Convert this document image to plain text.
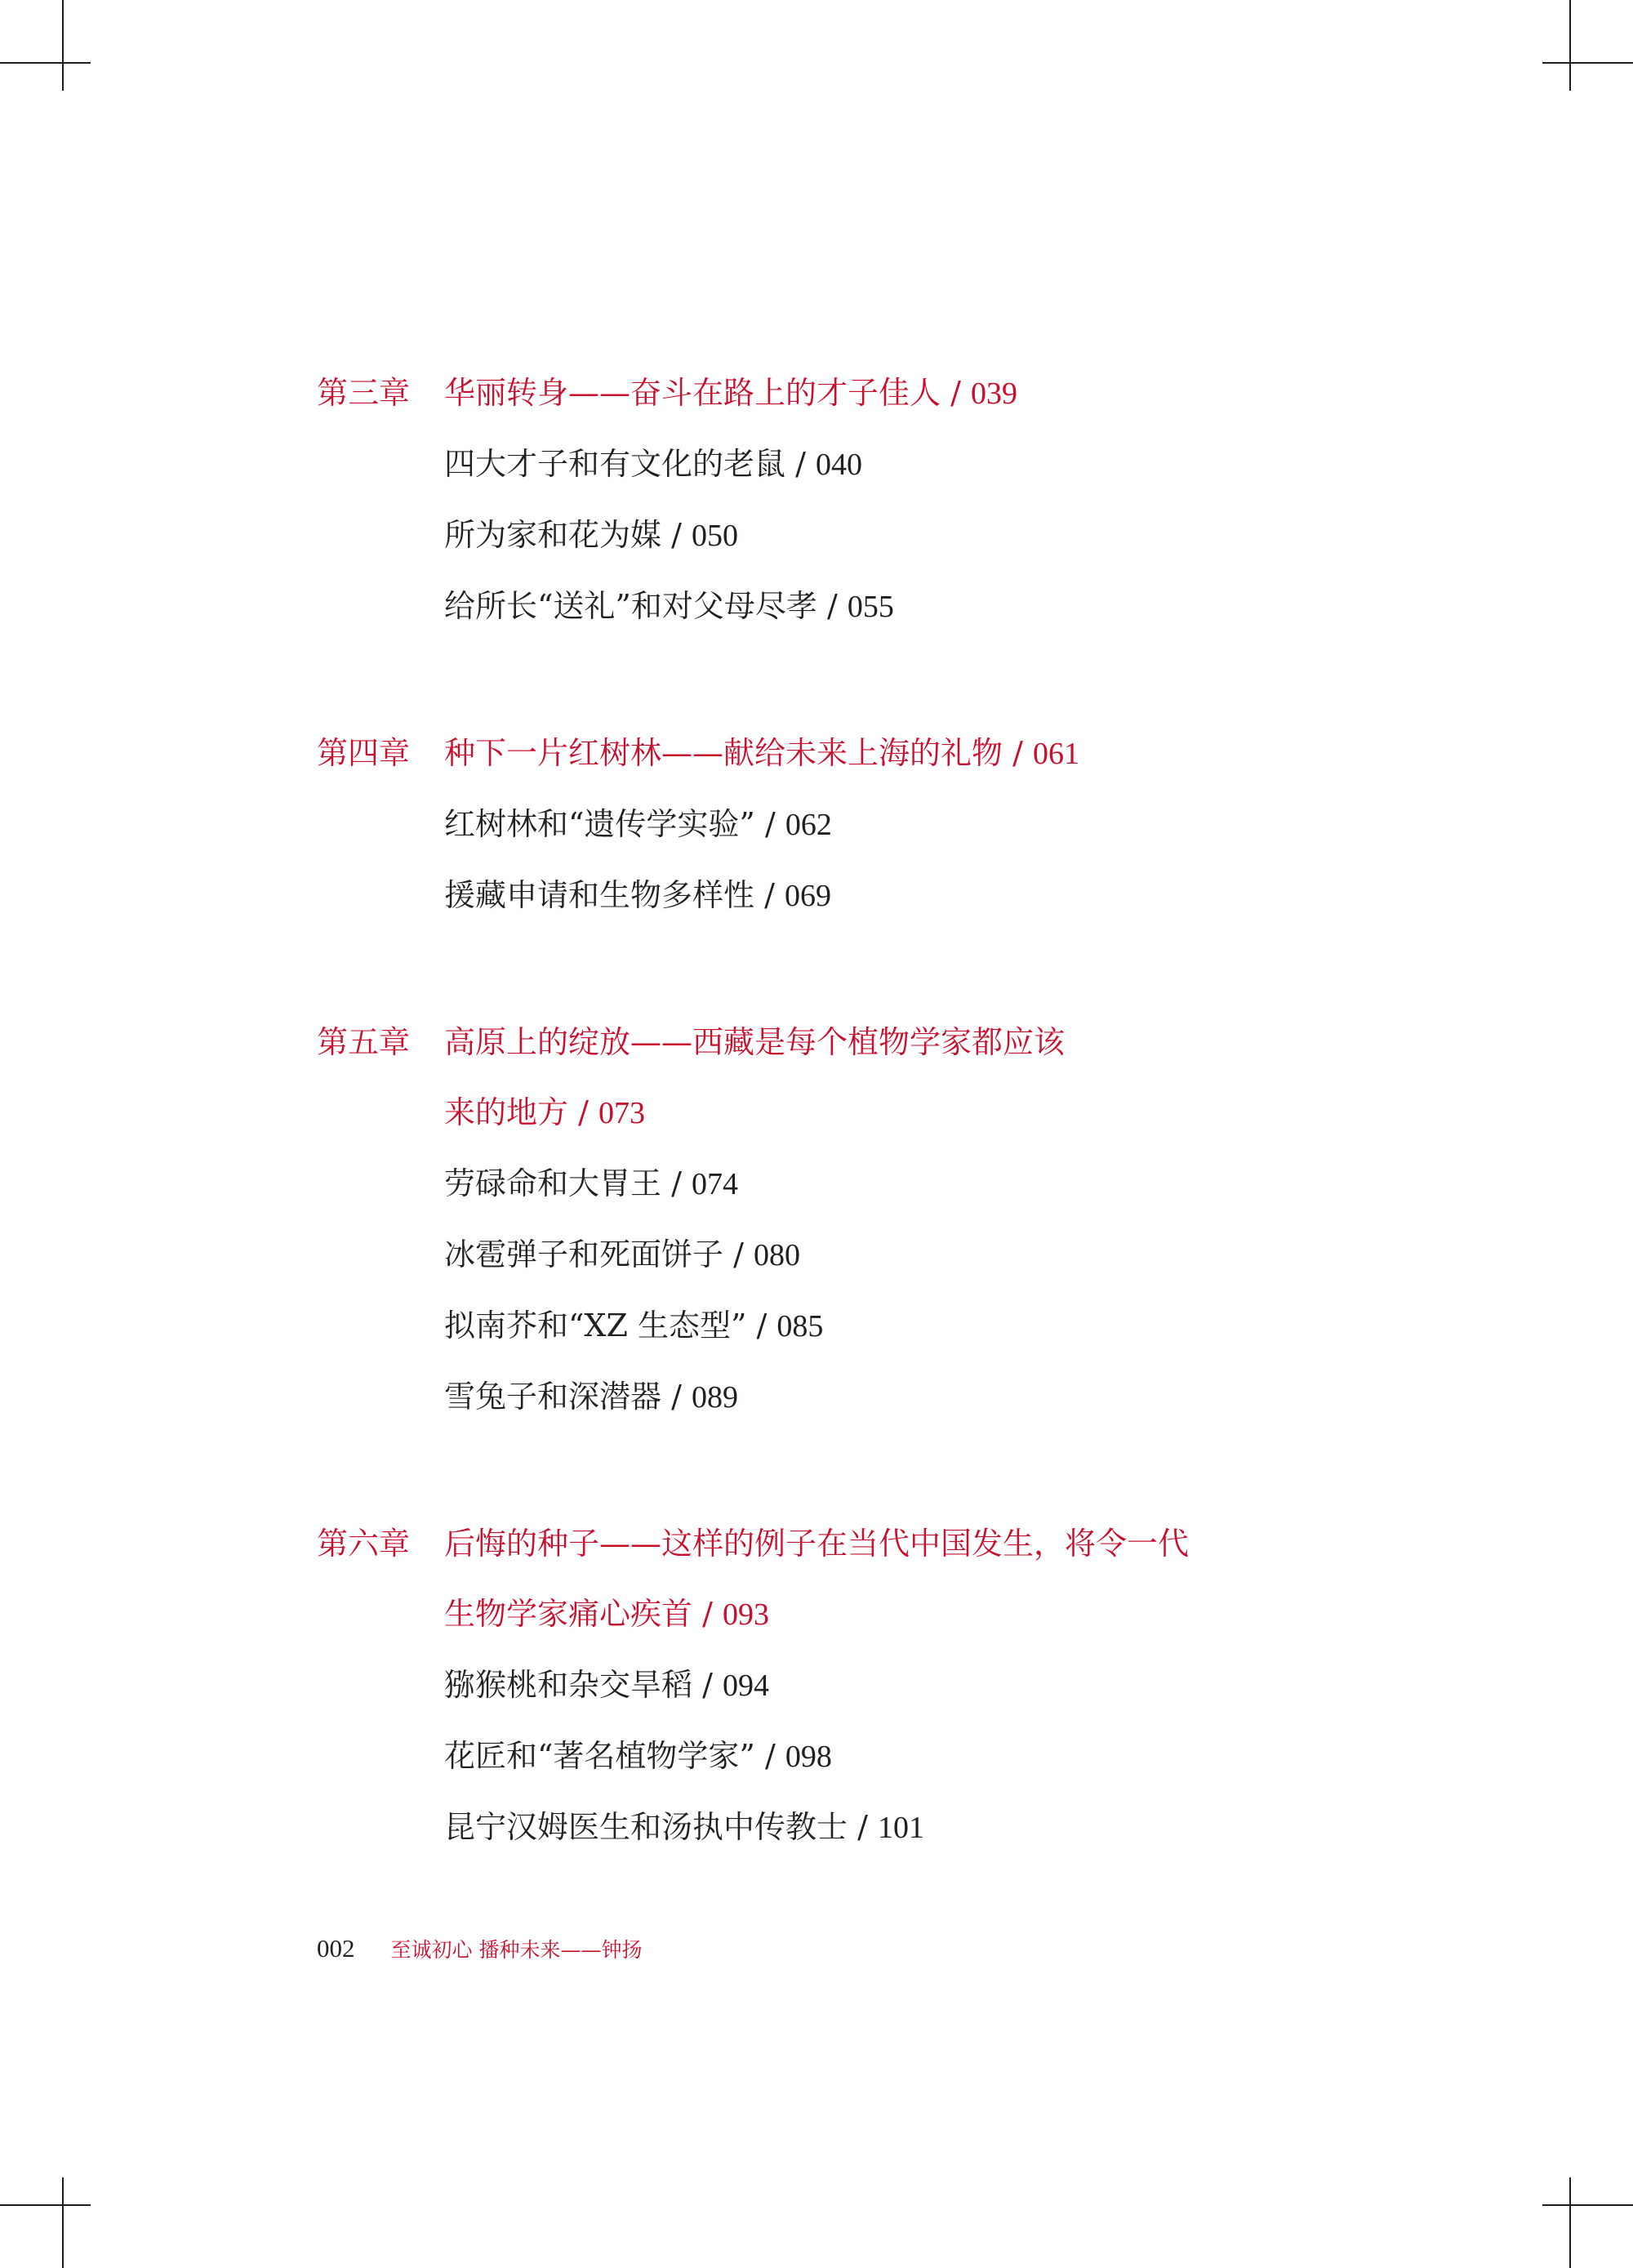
第三章	华丽转身——奋斗在路上的才子佳人 / 039
四大才子和有文化的老鼠 / 040
所为家和花为媒 / 050
给所长“送礼”和对父母尽孝 / 055
第四章	种下一片红树林——献给未来上海的礼物 / 061
红树林和“遗传学实验” / 062
援藏申请和生物多样性 / 069
第五章	高原上的绽放——西藏是每个植物学家都应该
来的地方 / 073
劳碌命和大胃王 / 074
冰雹弹子和死面饼子 / 080
拟南芥和“XZ 生态型” / 085
雪兔子和深潜器 / 089
第六章	后悔的种子——这样的例子在当代中国发生，将令一代
生物学家痛心疾首 / 093
猕猴桃和杂交旱稻 / 094
花匠和“著名植物学家” / 098
昆宁汉姆医生和汤执中传教士 / 101
002 至诚初心 播种未来——钟扬
